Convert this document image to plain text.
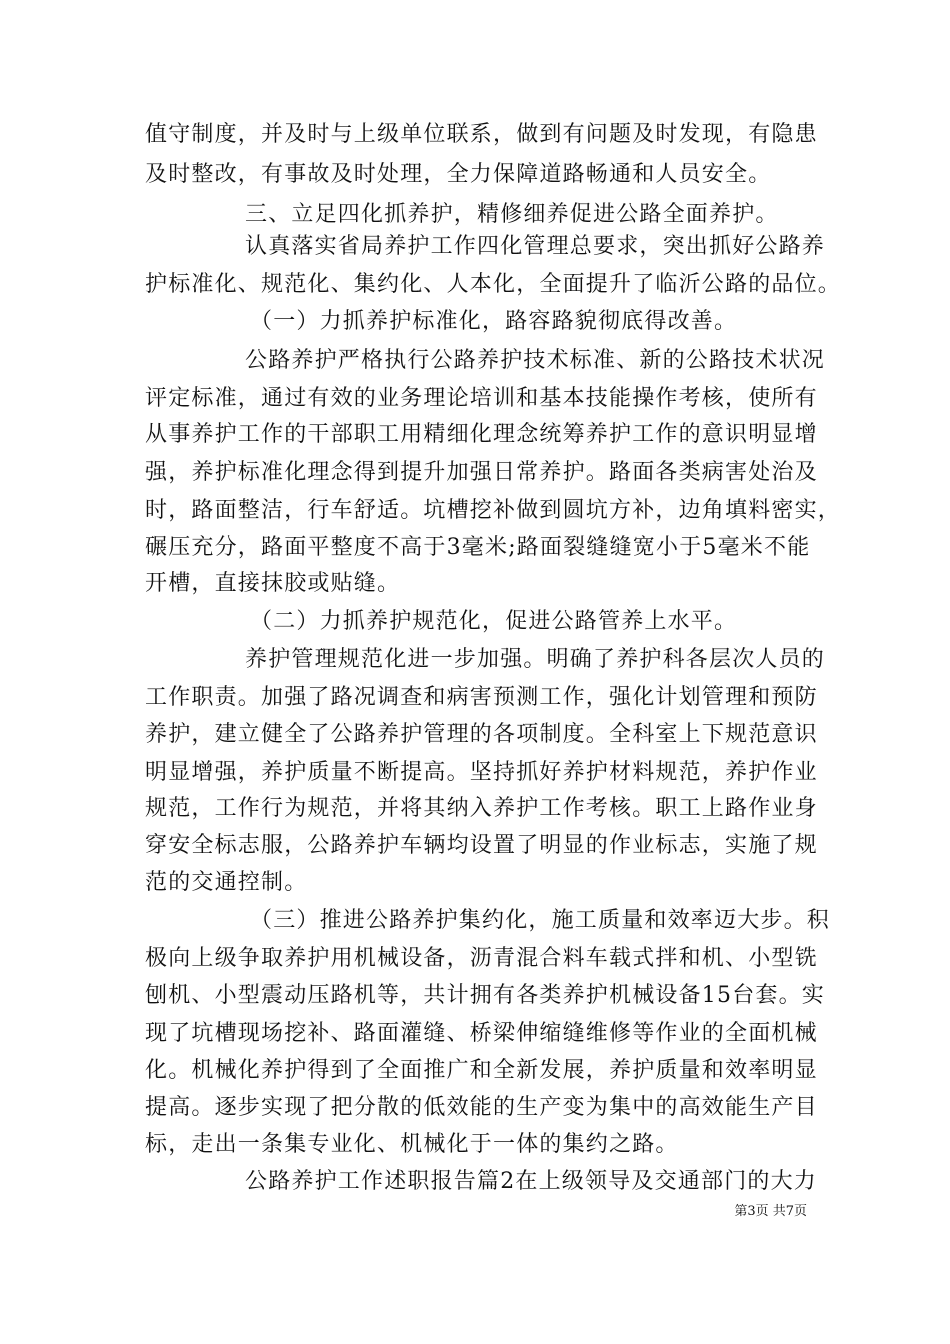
值守制度，并及时与上级单位联系，做到有问题及时发现，有隐患
及时整改，有事故及时处理，全力保障道路畅通和人员安全。
三、立足四化抓养护，精修细养促进公路全面养护。
认真落实省局养护工作四化管理总要求，突出抓好公路养
护标准化、规范化、集约化、人本化，全面提升了临沂公路的品位。
（一）力抓养护标准化，路容路貌彻底得改善。
公路养护严格执行公路养护技术标准、新的公路技术状况
评定标准，通过有效的业务理论培训和基本技能操作考核，使所有
从事养护工作的干部职工用精细化理念统筹养护工作的意识明显增
强，养护标准化理念得到提升加强日常养护。路面各类病害处治及
时，路面整洁，行车舒适。坑槽挖补做到圆坑方补，边角填料密实，
碾压充分，路面平整度不高于3毫米;路面裂缝缝宽小于5毫米不能
开槽，直接抹胶或贴缝。
（二）力抓养护规范化，促进公路管养上水平。
养护管理规范化进一步加强。明确了养护科各层次人员的
工作职责。加强了路况调查和病害预测工作，强化计划管理和预防
养护，建立健全了公路养护管理的各项制度。全科室上下规范意识
明显增强，养护质量不断提高。坚持抓好养护材料规范，养护作业
规范，工作行为规范，并将其纳入养护工作考核。职工上路作业身
穿安全标志服，公路养护车辆均设置了明显的作业标志，实施了规
范的交通控制。
（三）推进公路养护集约化，施工质量和效率迈大步。积
极向上级争取养护用机械设备，沥青混合料车载式拌和机、小型铣
刨机、小型震动压路机等，共计拥有各类养护机械设备15台套。实
现了坑槽现场挖补、路面灌缝、桥梁伸缩缝维修等作业的全面机械
化。机械化养护得到了全面推广和全新发展，养护质量和效率明显
提高。逐步实现了把分散的低效能的生产变为集中的高效能生产目
标，走出一条集专业化、机械化于一体的集约之路。
公路养护工作述职报告篇2在上级领导及交通部门的大力
第3页 共7页
